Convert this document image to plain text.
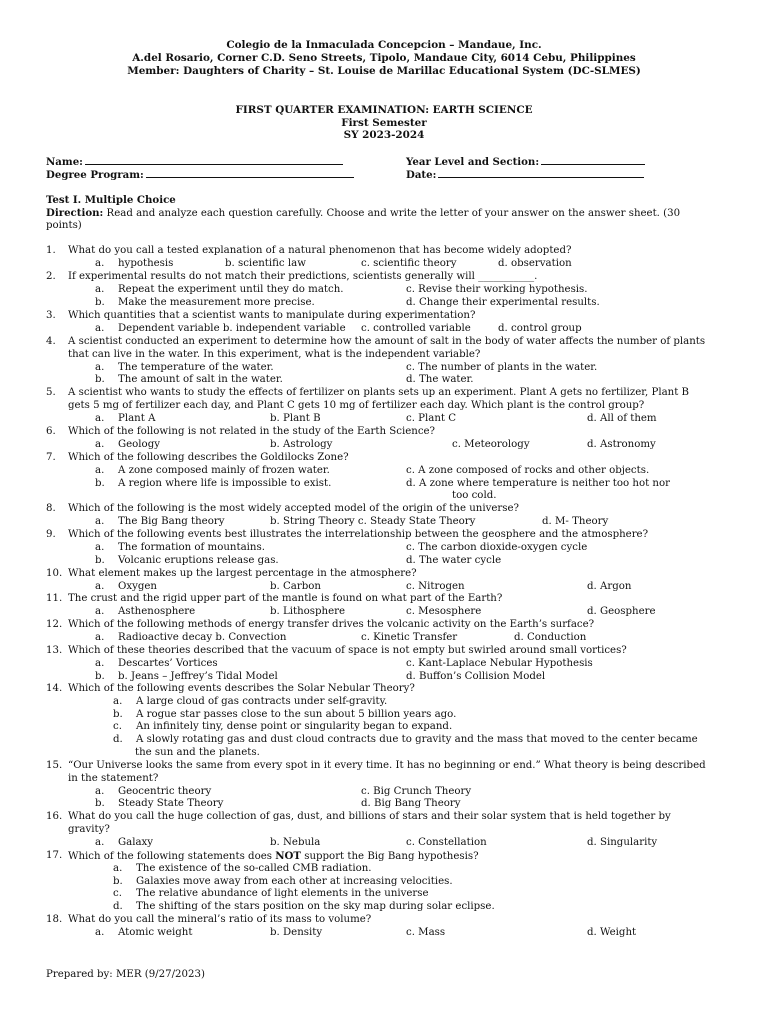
Colegio de la Inmaculada Concepcion – Mandaue, Inc.
A.del Rosario, Corner C.D. Seno Streets, Tipolo, Mandaue City, 6014 Cebu, Philippines
Member: Daughters of Charity – St. Louise de Marillac Educational System (DC-SLMES)
FIRST QUARTER EXAMINATION: EARTH SCIENCE
First Semester
SY 2023-2024
Name:	Year Level and Section:
Degree Program:	Date:
Test I. Multiple Choice
Direction: Read and analyze each question carefully. Choose and write the letter of your answer on the answer sheet. (30
points)
1.	What do you call a tested explanation of a natural phenomenon that has become widely adopted?
a. hypothesis	b. scientific law	c. scientific theory	d. observation
2.	If experimental results do not match their predictions, scientists generally will ___________.
a. Repeat the experiment until they do match.	c. Revise their working hypothesis.
b. Make the measurement more precise.	d. Change their experimental results.
3.	Which quantities that a scientist wants to manipulate during experimentation?
a. Dependent variable b. independent variable c. controlled variable	d. control group
4.	A scientist conducted an experiment to determine how the amount of salt in the body of water affects the number of plants
that can live in the water. In this experiment, what is the independent variable?
a. The temperature of the water.	c. The number of plants in the water.
b. The amount of salt in the water.	d. The water.
5.	A scientist who wants to study the effects of fertilizer on plants sets up an experiment. Plant A gets no fertilizer, Plant B
gets 5 mg of fertilizer each day, and Plant C gets 10 mg of fertilizer each day. Which plant is the control group?
a. Plant A	b. Plant B	c. Plant C	d. All of them
6.	Which of the following is not related in the study of the Earth Science?
a. Geology	b. Astrology	c. Meteorology	d. Astronomy
7.	Which of the following describes the Goldilocks Zone?
a. A zone composed mainly of frozen water.	c. A zone composed of rocks and other objects.
b. A region where life is impossible to exist.	d. A zone where temperature is neither too hot nor
too cold.
8.	Which of the following is the most widely accepted model of the origin of the universe?
a. The Big Bang theory	b. String Theory c. Steady State Theory	d. M- Theory
9.	Which of the following events best illustrates the interrelationship between the geosphere and the atmosphere?
a. The formation of mountains.	c. The carbon dioxide-oxygen cycle
b. Volcanic eruptions release gas.	d. The water cycle
10. What element makes up the largest percentage in the atmosphere?
a. Oxygen	b. Carbon	c. Nitrogen	d. Argon
11. The crust and the rigid upper part of the mantle is found on what part of the Earth?
a. Asthenosphere	b. Lithosphere	c. Mesosphere	d. Geosphere
12. Which of the following methods of energy transfer drives the volcanic activity on the Earth’s surface?
a. Radioactive decay b. Convection	c. Kinetic Transfer	d. Conduction
13. Which of these theories described that the vacuum of space is not empty but swirled around small vortices?
a. Descartes’ Vortices	c. Kant-Laplace Nebular Hypothesis
b. b. Jeans – Jeffrey’s Tidal Model	d. Buffon’s Collision Model
14. Which of the following events describes the Solar Nebular Theory?
a. A large cloud of gas contracts under self-gravity.
b. A rogue star passes close to the sun about 5 billion years ago.
c. An infinitely tiny, dense point or singularity began to expand.
d. A slowly rotating gas and dust cloud contracts due to gravity and the mass that moved to the center became
the sun and the planets.
15. “Our Universe looks the same from every spot in it every time. It has no beginning or end.” What theory is being described
in the statement?
a. Geocentric theory	c. Big Crunch Theory
b. Steady State Theory	d. Big Bang Theory
16. What do you call the huge collection of gas, dust, and billions of stars and their solar system that is held together by
gravity?
a. Galaxy	b. Nebula	c. Constellation	d. Singularity
17. Which of the following statements does NOT support the Big Bang hypothesis?
a. The existence of the so-called CMB radiation.
b. Galaxies move away from each other at increasing velocities.
c. The relative abundance of light elements in the universe
d. The shifting of the stars position on the sky map during solar eclipse.
18. What do you call the mineral’s ratio of its mass to volume?
a. Atomic weight	b. Density	c. Mass	d. Weight
Prepared by: MER (9/27/2023)
